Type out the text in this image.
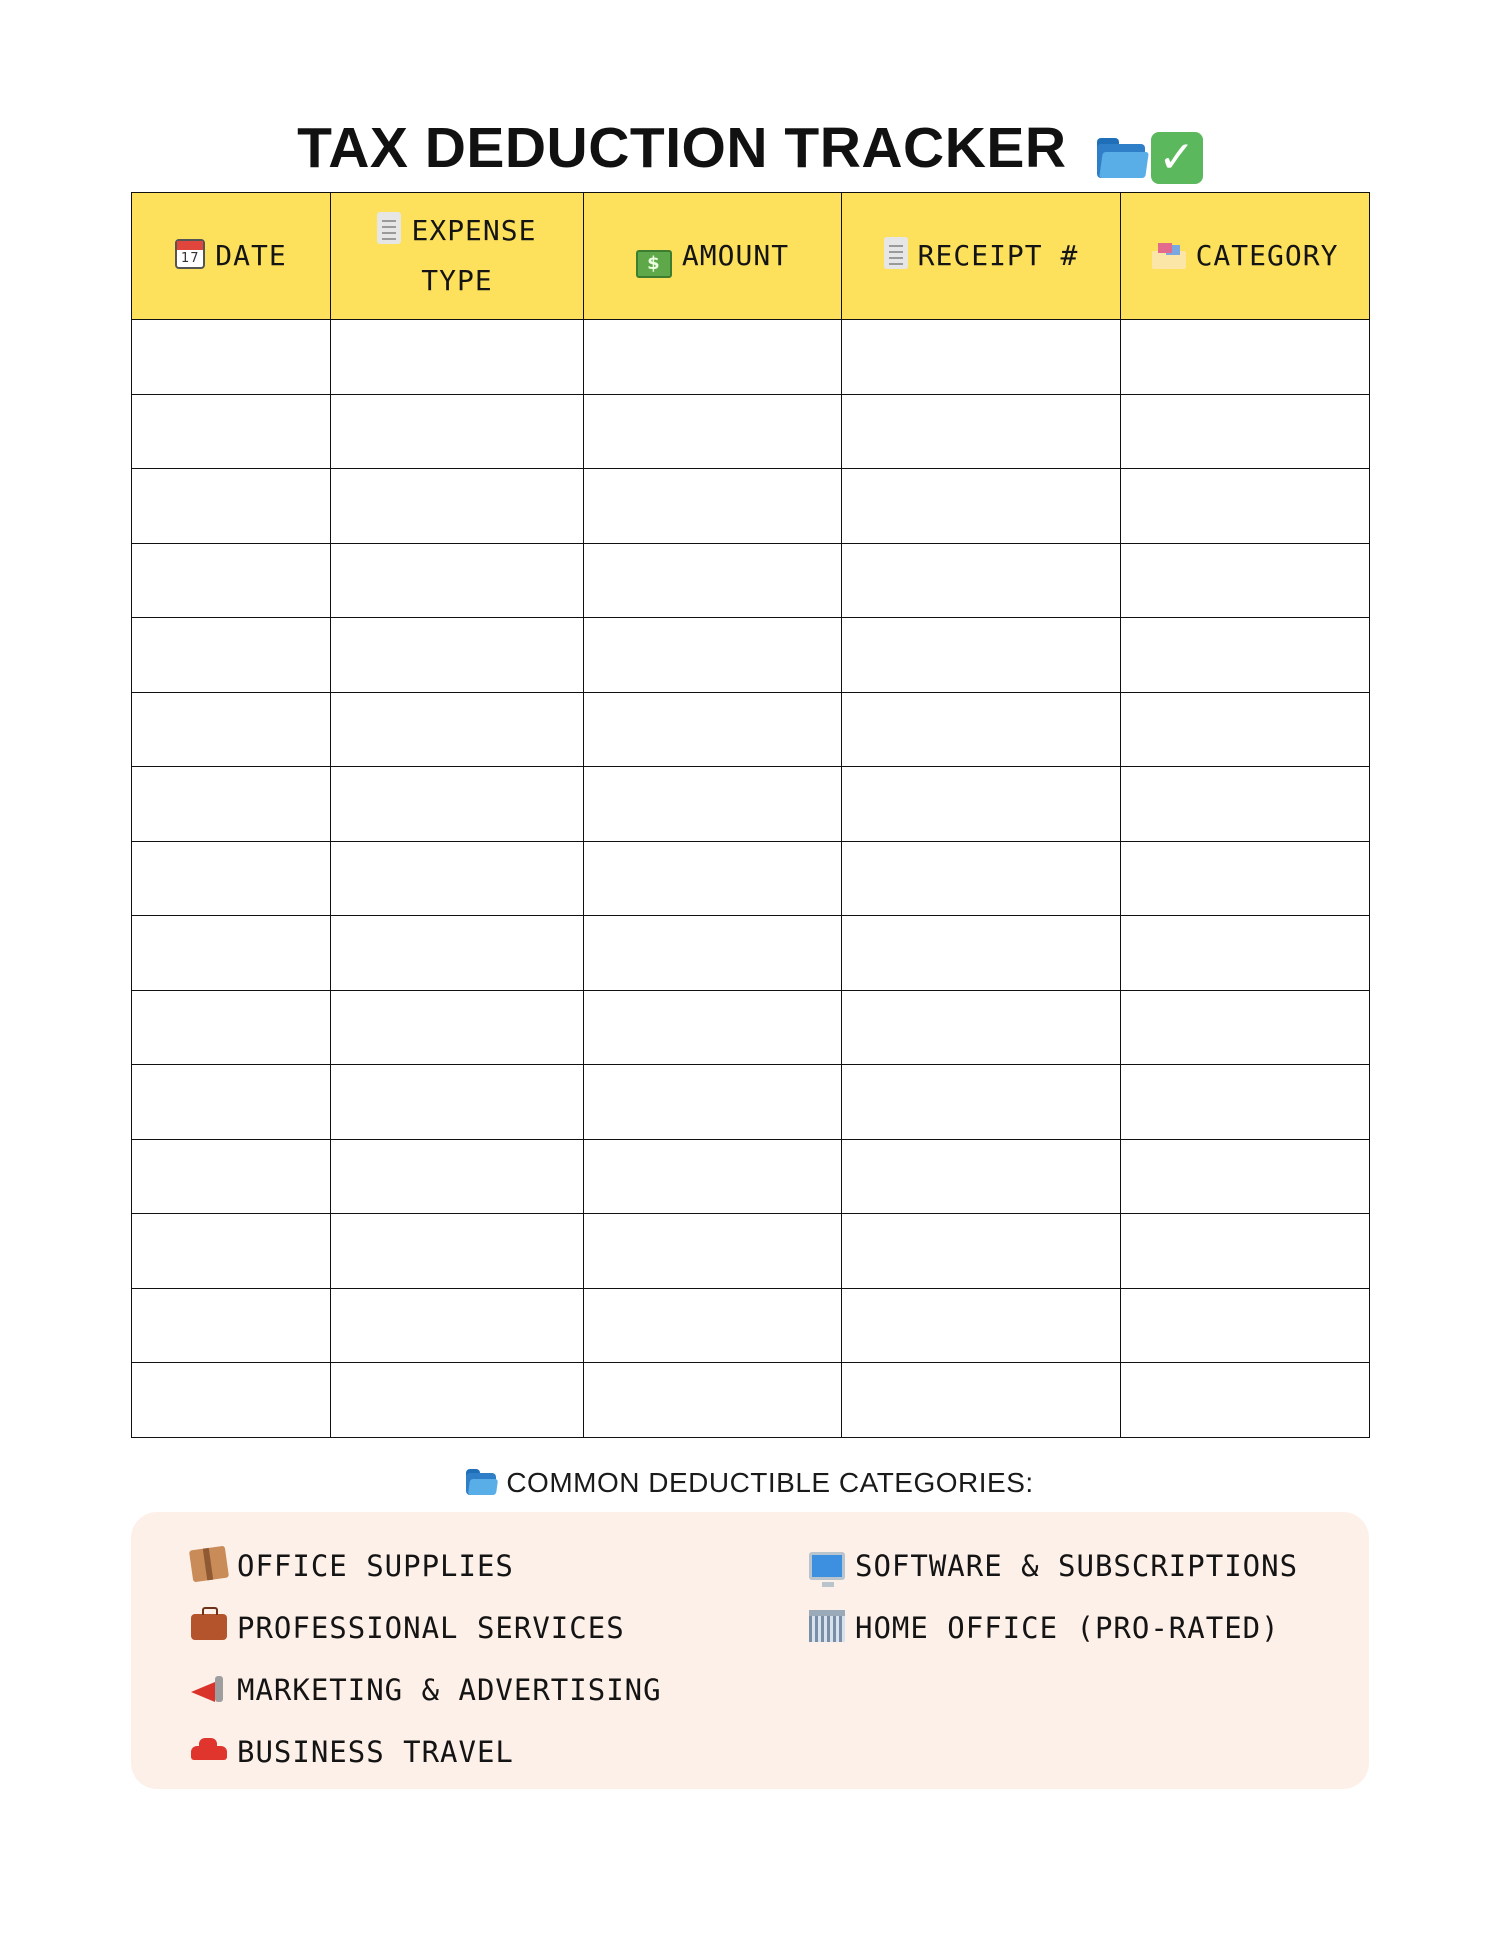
TAX DEDUCTION TRACKER ✓
17DATE	EXPENSE TYPE	$ AMOUNT	RECEIPT #	CATEGORY

COMMON DEDUCTIBLE CATEGORIES:
OFFICE SUPPLIES
PROFESSIONAL SERVICES
MARKETING & ADVERTISING
BUSINESS TRAVEL
SOFTWARE & SUBSCRIPTIONS
HOME OFFICE (PRO-RATED)
